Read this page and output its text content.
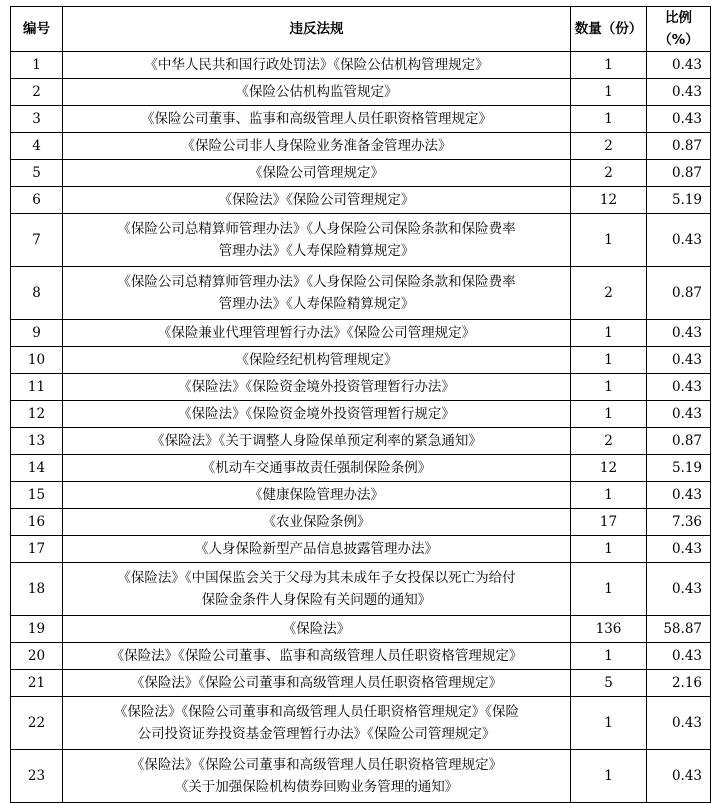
编号	违反法规	数量（份）	比例（%）
1	《中华人民共和国行政处罚法》《保险公估机构管理规定》	1	0.43
2	《保险公估机构监管规定》	1	0.43
3	《保险公司董事、监事和高级管理人员任职资格管理规定》	1	0.43
4	《保险公司非人身保险业务准备金管理办法》	2	0.87
5	《保险公司管理规定》	2	0.87
6	《保险法》《保险公司管理规定》	12	5.19
7	《保险公司总精算师管理办法》《人身保险公司保险条款和保险费率
管理办法》《人寿保险精算规定》	1	0.43
8	《保险公司总精算师管理办法》《人身保险公司保险条款和保险费率
管理办法》《人寿保险精算规定》	2	0.87
9	《保险兼业代理管理暂行办法》《保险公司管理规定》	1	0.43
10	《保险经纪机构管理规定》	1	0.43
11	《保险法》《保险资金境外投资管理暂行办法》	1	0.43
12	《保险法》《保险资金境外投资管理暂行规定》	1	0.43
13	《保险法》《关于调整人身险保单预定利率的紧急通知》	2	0.87
14	《机动车交通事故责任强制保险条例》	12	5.19
15	《健康保险管理办法》	1	0.43
16	《农业保险条例》	17	7.36
17	《人身保险新型产品信息披露管理办法》	1	0.43
18	《保险法》《中国保监会关于父母为其未成年子女投保以死亡为给付
保险金条件人身保险有关问题的通知》	1	0.43
19	《保险法》	136	58.87
20	《保险法》《保险公司董事、监事和高级管理人员任职资格管理规定》	1	0.43
21	《保险法》《保险公司董事和高级管理人员任职资格管理规定》	5	2.16
22	《保险法》《保险公司董事和高级管理人员任职资格管理规定》《保险
公司投资证券投资基金管理暂行办法》《保险公司管理规定》	1	0.43
23	《保险法》《保险公司董事和高级管理人员任职资格管理规定》
《关于加强保险机构债券回购业务管理的通知》	1	0.43
